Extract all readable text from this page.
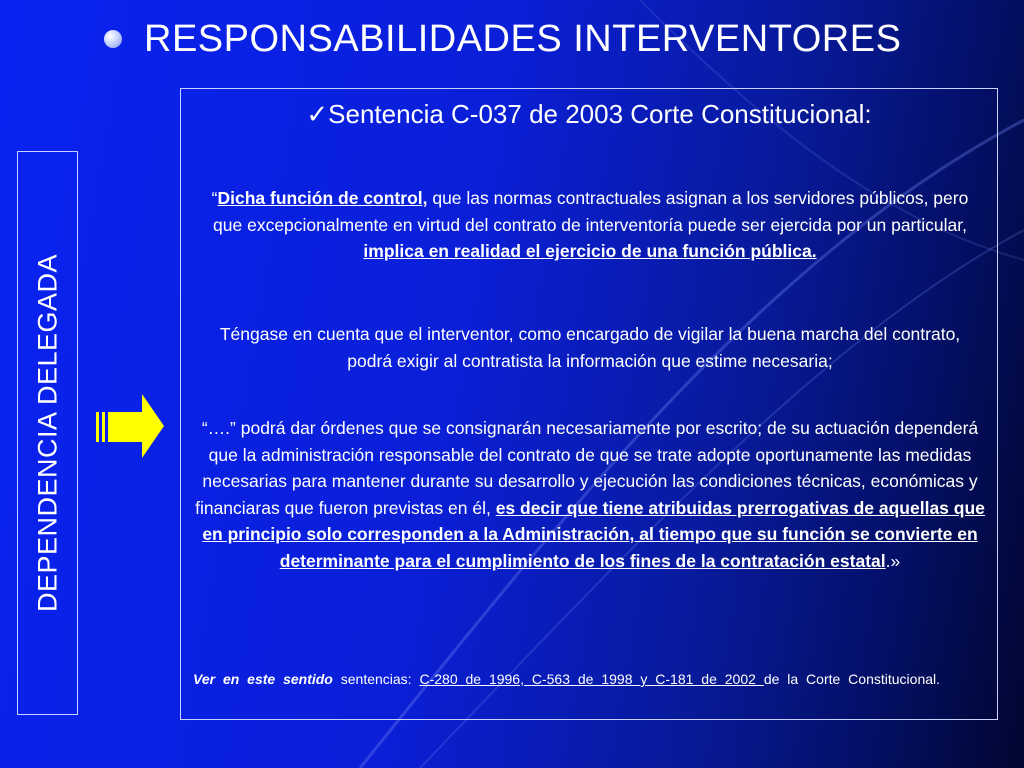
RESPONSABILIDADES INTERVENTORES
DEPENDENCIA DELEGADA
✓Sentencia C-037 de 2003 Corte Constitucional:
“Dicha función de control, que las normas contractuales asignan a los servidores públicos, pero que excepcionalmente en virtud del contrato de interventoría puede ser ejercida por un particular, implica en realidad el ejercicio de una función pública.
Téngase en cuenta que el interventor, como encargado de vigilar la buena marcha del contrato, podrá exigir al contratista la información que estime necesaria;
“….” podrá dar órdenes que se consignarán necesariamente por escrito; de su actuación dependerá que la administración responsable del contrato de que se trate adopte oportunamente las medidas necesarias para mantener durante su desarrollo y ejecución las condiciones técnicas, económicas y financiaras que fueron previstas en él, es decir que tiene atribuidas prerrogativas de aquellas que en principio solo corresponden a la Administración, al tiempo que su función se convierte en determinante para el cumplimiento de los fines de la contratación estatal.»
Ver en este sentido sentencias: C-280 de 1996, C-563 de 1998 y C-181 de 2002 de la Corte Constitucional.
